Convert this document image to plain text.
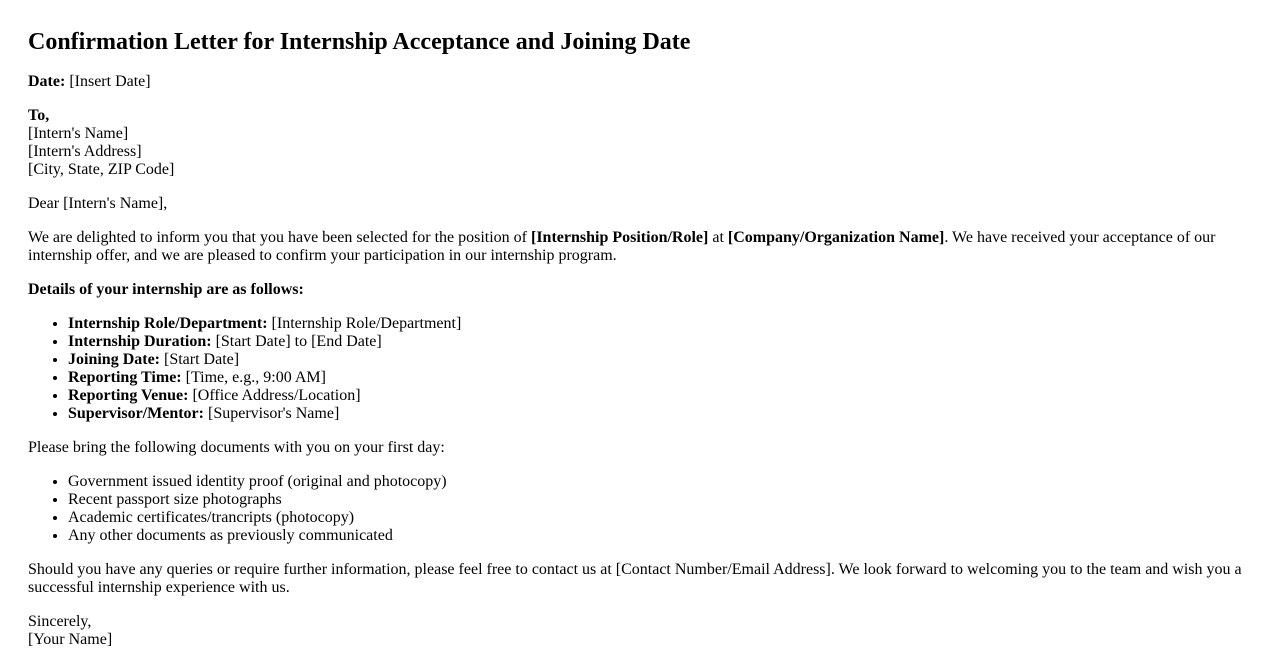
Confirmation Letter for Internship Acceptance and Joining Date

Date: [Insert Date]

To,
[Intern's Name]
[Intern's Address]
[City, State, ZIP Code]

Dear [Intern's Name],

We are delighted to inform you that you have been selected for the position of [Internship Position/Role] at [Company/Organization Name]. We have received your acceptance of our internship offer, and we are pleased to confirm your participation in our internship program.

Details of your internship are as follows:

• Internship Role/Department: [Internship Role/Department]
• Internship Duration: [Start Date] to [End Date]
• Joining Date: [Start Date]
• Reporting Time: [Time, e.g., 9:00 AM]
• Reporting Venue: [Office Address/Location]
• Supervisor/Mentor: [Supervisor's Name]

Please bring the following documents with you on your first day:

• Government issued identity proof (original and photocopy)
• Recent passport size photographs
• Academic certificates/trancripts (photocopy)
• Any other documents as previously communicated

Should you have any queries or require further information, please feel free to contact us at [Contact Number/Email Address]. We look forward to welcoming you to the team and wish you a successful internship experience with us.

Sincerely,
[Your Name]
